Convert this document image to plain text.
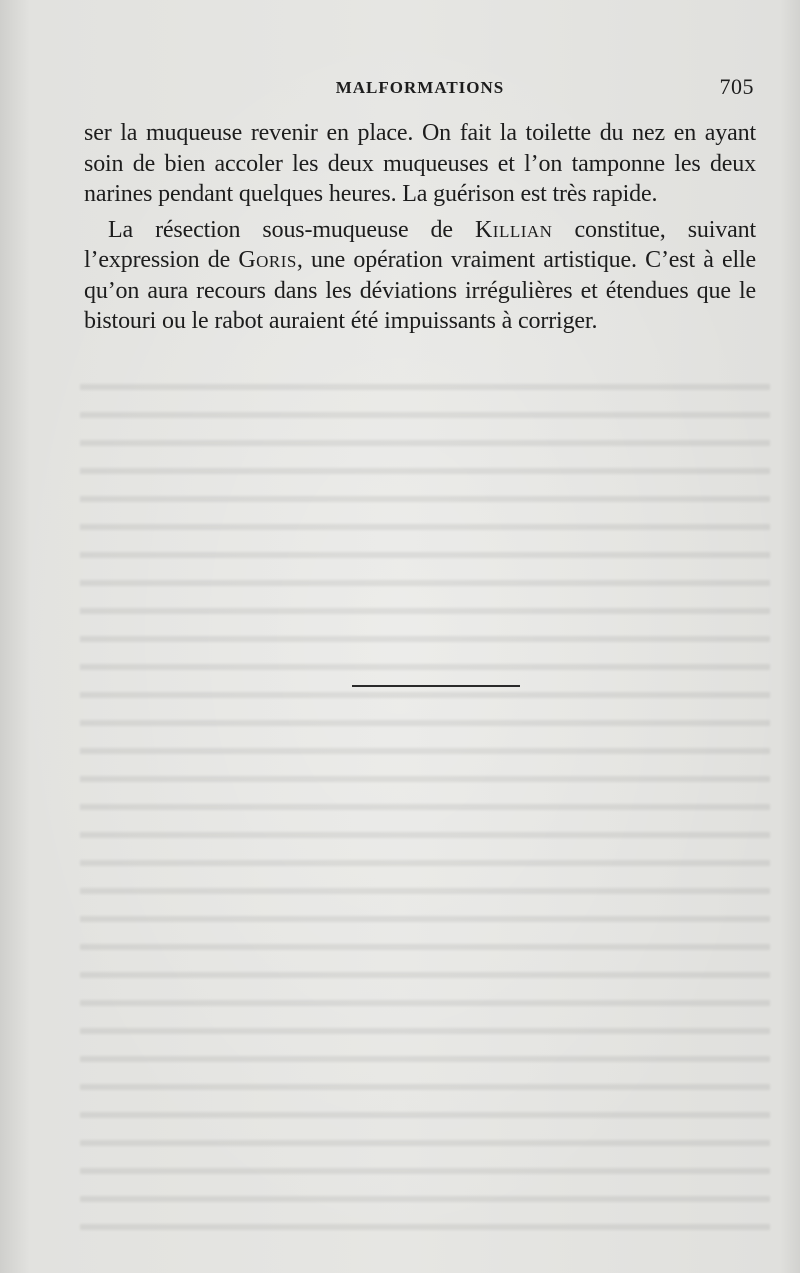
MALFORMATIONS	705

ser la muqueuse revenir en place. On fait la toilette du nez en ayant soin de bien accoler les deux muqueuses et l’on tamponne les deux narines pendant quelques heures. La guérison est très rapide.

La résection sous-muqueuse de Killian constitue, suivant l’expression de Goris, une opération vraiment artistique. C’est à elle qu’on aura recours dans les déviations irrégulières et étendues que le bistouri ou le rabot auraient été impuissants à corriger.
